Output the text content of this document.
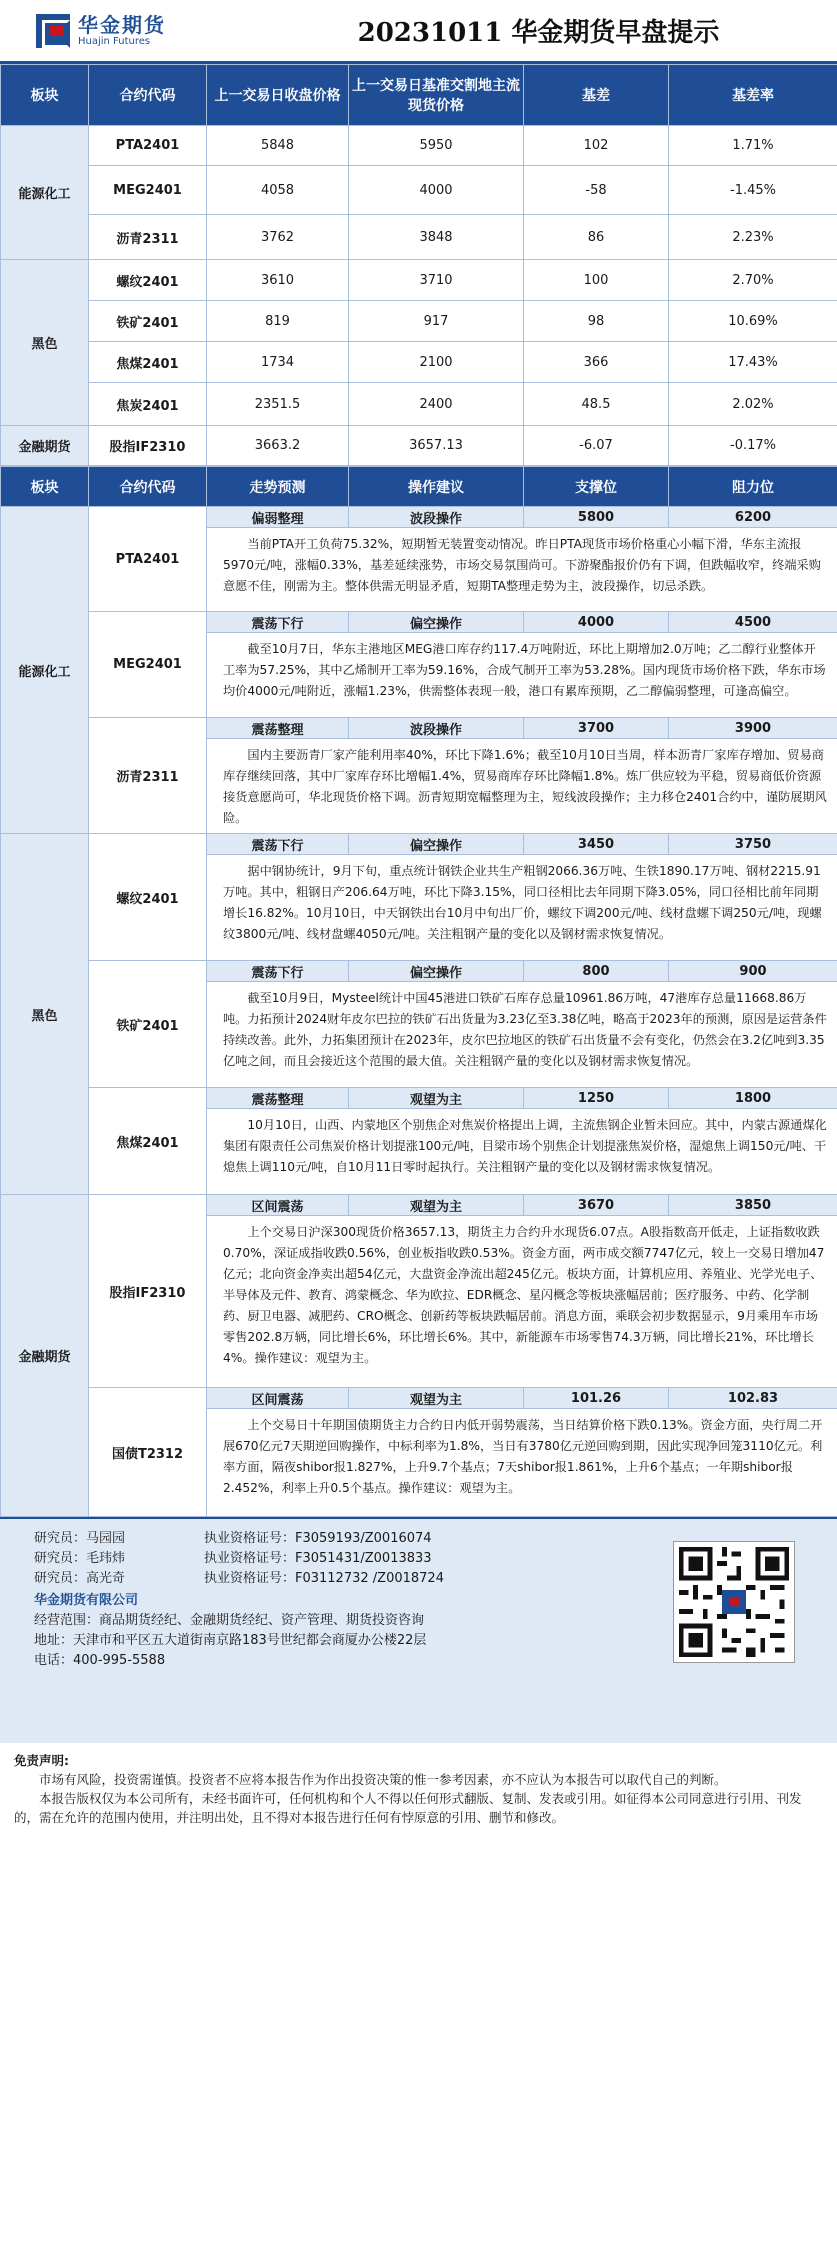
华金期货
Huajin Futures	20231011 华金期货早盘提示
板块	合约代码	上一交易日收盘价格	上一交易日基准交割地主流现货价格	基差	基差率
能源化工	PTA2401	5848	5950	102	1.71%
	MEG2401	4058	4000	-58	-1.45%
	沥青2311	3762	3848	86	2.23%
黑色	螺纹2401	3610	3710	100	2.70%
	铁矿2401	819	917	98	10.69%
	焦煤2401	1734	2100	366	17.43%
	焦炭2401	2351.5	2400	48.5	2.02%
金融期货	股指IF2310	3663.2	3657.13	-6.07	-0.17%
板块	合约代码	走势预测	操作建议	支撑位	阻力位
能源化工	PTA2401	偏弱整理	波段操作	5800	6200
		当前PTA开工负荷75.32%，短期暂无装置变动情况。昨日PTA现货市场价格重心小幅下滑，华东主流报5970元/吨，涨幅0.33%，基差延续涨势，市场交易氛围尚可。下游聚酯报价仍有下调，但跌幅收窄，终端采购意愿不佳，刚需为主。整体供需无明显矛盾，短期TA整理走势为主，波段操作，切忌杀跌。			
	MEG2401	震荡下行	偏空操作	4000	4500
		截至10月7日，华东主港地区MEG港口库存约117.4万吨附近，环比上期增加2.0万吨；乙二醇行业整体开工率为57.25%，其中乙烯制开工率为59.16%，合成气制开工率为53.28%。国内现货市场价格下跌，华东市场均价4000元/吨附近，涨幅1.23%，供需整体表现一般，港口有累库预期，乙二醇偏弱整理，可逢高偏空。			
	沥青2311	震荡整理	波段操作	3700	3900
		国内主要沥青厂家产能利用率40%，环比下降1.6%；截至10月10日当周，样本沥青厂家库存增加、贸易商库存继续回落，其中厂家库存环比增幅1.4%，贸易商库存环比降幅1.8%。炼厂供应较为平稳，贸易商低价资源接货意愿尚可，华北现货价格下调。沥青短期宽幅整理为主，短线波段操作；主力移仓2401合约中，谨防展期风险。			
黑色	螺纹2401	震荡下行	偏空操作	3450	3750
		据中钢协统计，9月下旬，重点统计钢铁企业共生产粗钢2066.36万吨、生铁1890.17万吨、钢材2215.91万吨。其中，粗钢日产206.64万吨，环比下降3.15%，同口径相比去年同期下降3.05%，同口径相比前年同期增长16.82%。10月10日，中天钢铁出台10月中旬出厂价，螺纹下调200元/吨、线材盘螺下调250元/吨，现螺纹3800元/吨、线材盘螺4050元/吨。关注粗钢产量的变化以及钢材需求恢复情况。			
	铁矿2401	震荡下行	偏空操作	800	900
		截至10月9日，Mysteel统计中国45港进口铁矿石库存总量10961.86万吨，47港库存总量11668.86万吨。力拓预计2024财年皮尔巴拉的铁矿石出货量为3.23亿至3.38亿吨，略高于2023年的预测，原因是运营条件持续改善。此外，力拓集团预计在2023年，皮尔巴拉地区的铁矿石出货量不会有变化，仍然会在3.2亿吨到3.35亿吨之间，而且会接近这个范围的最大值。关注粗钢产量的变化以及钢材需求恢复情况。			
	焦煤2401	震荡整理	观望为主	1250	1800
		10月10日，山西、内蒙地区个别焦企对焦炭价格提出上调，主流焦钢企业暂未回应。其中，内蒙古源通煤化集团有限责任公司焦炭价格计划提涨100元/吨，目梁市场个别焦企计划提涨焦炭价格，湿熄焦上调150元/吨、干熄焦上调110元/吨，自10月11日零时起执行。关注粗钢产量的变化以及钢材需求恢复情况。			
金融期货	股指IF2310	区间震荡	观望为主	3670	3850
		上个交易日沪深300现货价格3657.13，期货主力合约升水现货6.07点。A股指数高开低走，上证指数收跌0.70%，深证成指收跌0.56%，创业板指收跌0.53%。资金方面，两市成交额7747亿元，较上一交易日增加47亿元；北向资金净卖出超54亿元，大盘资金净流出超245亿元。板块方面，计算机应用、养殖业、光学光电子、半导体及元件、教育、鸿蒙概念、华为欧拉、EDR概念、星闪概念等板块涨幅居前；医疗服务、中药、化学制药、厨卫电器、减肥药、CRO概念、创新药等板块跌幅居前。消息方面，乘联会初步数据显示，9月乘用车市场零售202.8万辆，同比增长6%，环比增长6%。其中，新能源车市场零售74.3万辆，同比增长21%，环比增长4%。操作建议：观望为主。			
	国债T2312	区间震荡	观望为主	101.26	102.83
		上个交易日十年期国债期货主力合约日内低开弱势震荡，当日结算价格下跌0.13%。资金方面，央行周二开展670亿元7天期逆回购操作，中标利率为1.8%，当日有3780亿元逆回购到期，因此实现净回笼3110亿元。利率方面，隔夜shibor报1.827%，上升9.7个基点；7天shibor报1.861%，上升6个基点；一年期shibor报2.452%，利率上升0.5个基点。操作建议：观望为主。			
研究员：马园园	执业资格证号：F3059193/Z0016074
研究员：毛玮炜	执业资格证号：F3051431/Z0013833
研究员：高光奇	执业资格证号：F03112732 /Z0018724
华金期货有限公司
经营范围：商品期货经纪、金融期货经纪、资产管理、期货投资咨询
地址：天津市和平区五大道街南京路183号世纪都会商厦办公楼22层
电话：400-995-5588
免责声明:

市场有风险，投资需谨慎。投资者不应将本报告作为作出投资决策的惟一参考因素，亦不应认为本报告可以取代自己的判断。

本报告版权仅为本公司所有，未经书面许可，任何机构和个人不得以任何形式翻版、复制、发表或引用。如征得本公司同意进行引用、刊发的，需在允许的范围内使用，并注明出处，且不得对本报告进行任何有悖原意的引用、删节和修改。
